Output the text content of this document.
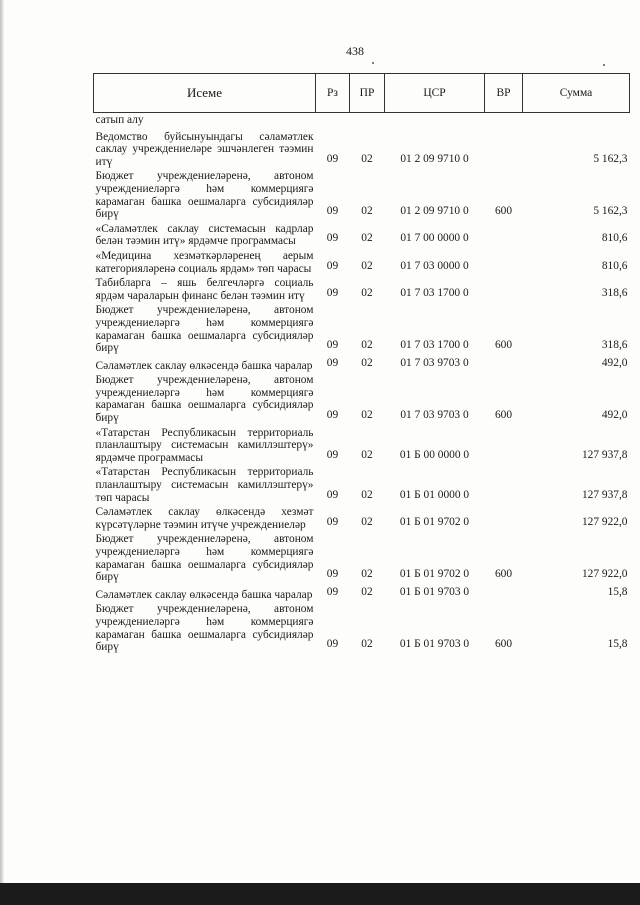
438
Исеме	Рз	ПР	ЦСР	ВР	Сумма
сатып алу					
Ведомство буйсынуындагы сәламәтлек саклау учреждениеләре эшчәнлеген тәэмин итү	09	02	01 2 09 9710 0		5 162,3
Бюджет учреждениеләренә, автоном учреждениеләргә һәм коммерциягә карамаган башка оешмаларга субсидияләр бирү	09	02	01 2 09 9710 0	600	5 162,3
«Сәламәтлек саклау системасын кадрлар белән тәэмин итү» ярдәмче программасы	09	02	01 7 00 0000 0		810,6
«Медицина хезмәткәрләренең аерым категорияләренә социаль ярдәм» төп чарасы	09	02	01 7 03 0000 0		810,6
Табибларга – яшь белгечләргә социаль ярдәм чараларын финанс белән тәэмин итү	09	02	01 7 03 1700 0		318,6
Бюджет учреждениеләренә, автоном учреждениеләргә һәм коммерциягә карамаган башка оешмаларга субсидияләр бирү	09	02	01 7 03 1700 0	600	318,6
Сәламәтлек саклау өлкәсендә башка чаралар	09	02	01 7 03 9703 0		492,0
Бюджет учреждениеләренә, автоном учреждениеләргә һәм коммерциягә карамаган башка оешмаларга субсидияләр бирү	09	02	01 7 03 9703 0	600	492,0
«Татарстан Республикасын территориаль планлаштыру системасын камиллэштерү» ярдәмче программасы	09	02	01 Б 00 0000 0		127 937,8
«Татарстан Республикасын территориаль планлаштыру системасын камиллэштерү» төп чарасы	09	02	01 Б 01 0000 0		127 937,8
Сәламәтлек саклау өлкәсендә хезмәт күрсәтүләрне тәэмин итүче учреждениеләр	09	02	01 Б 01 9702 0		127 922,0
Бюджет учреждениеләренә, автоном учреждениеләргә һәм коммерциягә карамаган башка оешмаларга субсидияләр бирү	09	02	01 Б 01 9702 0	600	127 922,0
Сәламәтлек саклау өлкәсендә башка чаралар	09	02	01 Б 01 9703 0		15,8
Бюджет учреждениеләренә, автоном учреждениеләргә һәм коммерциягә карамаган башка оешмаларга субсидияләр бирү	09	02	01 Б 01 9703 0	600	15,8
